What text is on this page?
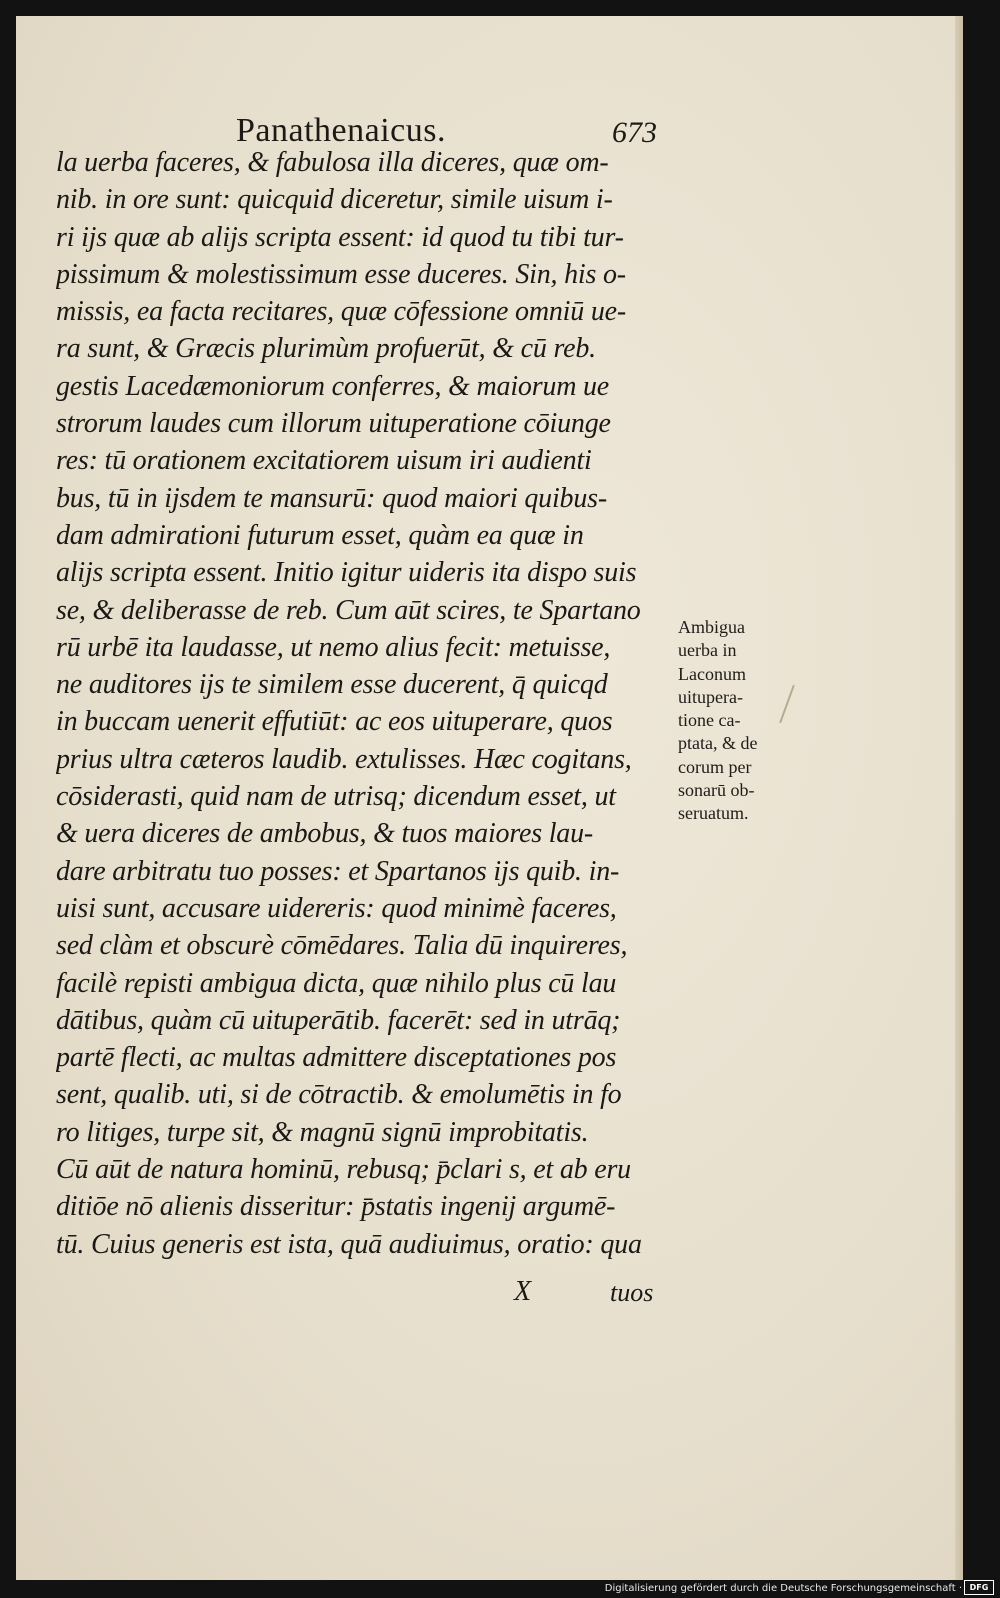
Panathenaicus.	673
la uerba faceres, & fabulosa illa diceres, quæ om-
nib. in ore sunt: quicquid diceretur, simile uisum i-
ri ijs quæ ab alijs scripta essent: id quod tu tibi tur-
pissimum & molestissimum esse duceres. Sin, his o-
missis, ea facta recitares, quæ cōfessione omniū ue-
ra sunt, & Græcis plurimùm profuerūt, & cū reb.
gestis Lacedæmoniorum conferres, & maiorum ue
strorum laudes cum illorum uituperatione cōiunge
res: tū orationem excitatiorem uisum iri audienti
bus, tū in ijsdem te mansurū: quod maiori quibus-
dam admirationi futurum esset, quàm ea quæ in
alijs scripta essent. Initio igitur uideris ita dispo suis
se, & deliberasse de reb. Cum aūt scires, te Spartano
rū urbē ita laudasse, ut nemo alius fecit: metuisse,
ne auditores ijs te similem esse ducerent, q̄ quicqd
in buccam uenerit effutiūt: ac eos uituperare, quos
prius ultra cæteros laudib. extulisses. Hæc cogitans,
cōsiderasti, quid nam de utrisq; dicendum esset, ut
& uera diceres de ambobus, & tuos maiores lau-
dare arbitratu tuo posses: et Spartanos ijs quib. in-
uisi sunt, accusare uidereris: quod minimè faceres,
sed clàm et obscurè cōmēdares. Talia dū inquireres,
facilè repisti ambigua dicta, quæ nihilo plus cū lau
dātibus, quàm cū uituperātib. facerēt: sed in utrāq;
partē flecti, ac multas admittere disceptationes pos
sent, qualib. uti, si de cōtractib. & emolumētis in fo
ro litiges, turpe sit, & magnū signū improbitatis.
Cū aūt de natura hominū, rebusq; p̄clari s, et ab eru
ditiōe nō alienis disseritur: p̄statis ingenij argumē-
tū. Cuius generis est ista, quā audiuimus, oratio: qua
X	tuos
Ambigua
uerba in
Laconum
uitupera-
tione ca-
ptata, & de
corum per
sonarū ob-
seruatum.
Digitalisierung gefördert durch die Deutsche Forschungsgemeinschaft · DFG
